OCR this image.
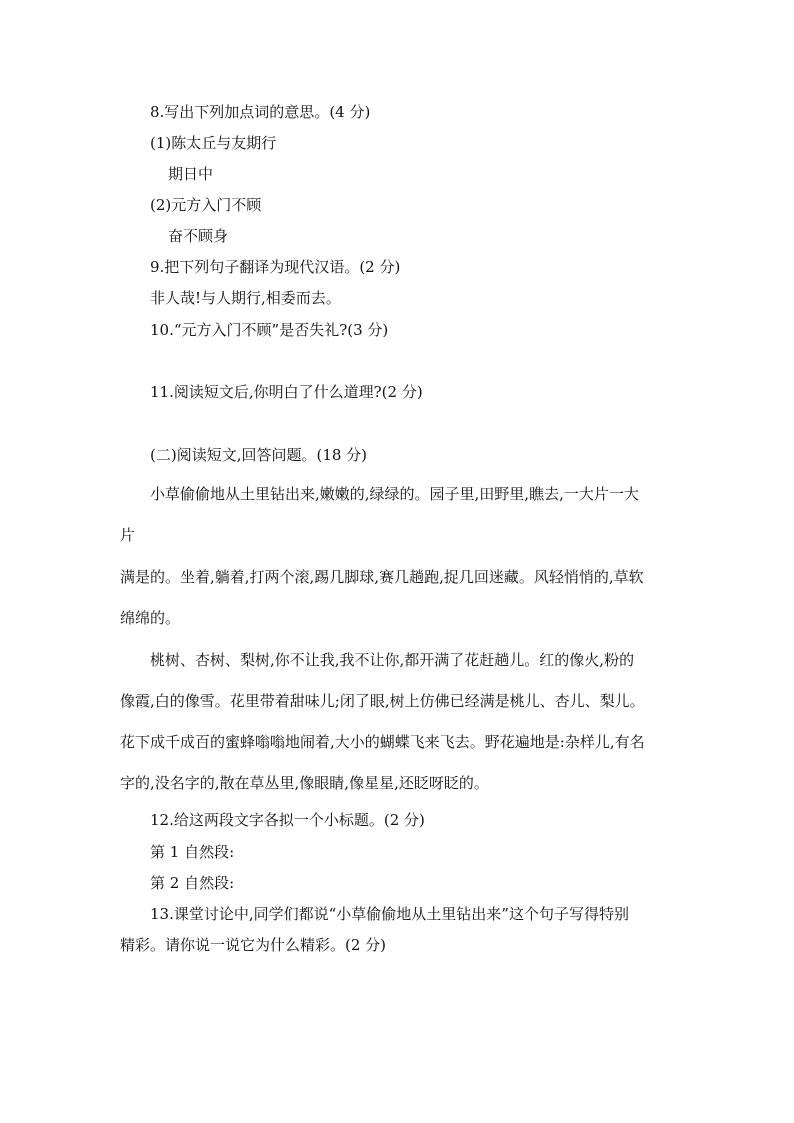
8.写出下列加点词的意思。(4 分)
(1)陈太丘与友期行
期日中
(2)元方入门不顾
奋不顾身
9.把下列句子翻译为现代汉语。(2 分)
非人哉!与人期行,相委而去。
10.“元方入门不顾”是否失礼?(3 分)
11.阅读短文后,你明白了什么道理?(2 分)
(二)阅读短文,回答问题。(18 分)
小草偷偷地从土里钻出来,嫩嫩的,绿绿的。园子里,田野里,瞧去,一大片一大
片
满是的。坐着,躺着,打两个滚,踢几脚球,赛几趟跑,捉几回迷藏。风轻悄悄的,草软
绵绵的。
桃树、杏树、梨树,你不让我,我不让你,都开满了花赶趟儿。红的像火,粉的
像霞,白的像雪。花里带着甜味儿;闭了眼,树上仿佛已经满是桃儿、杏儿、梨儿。
花下成千成百的蜜蜂嗡嗡地闹着,大小的蝴蝶飞来飞去。野花遍地是:杂样儿,有名
字的,没名字的,散在草丛里,像眼睛,像星星,还眨呀眨的。
12.给这两段文字各拟一个小标题。(2 分)
第 1 自然段:
第 2 自然段:
13.课堂讨论中,同学们都说“小草偷偷地从土里钻出来”这个句子写得特别
精彩。请你说一说它为什么精彩。(2 分)
